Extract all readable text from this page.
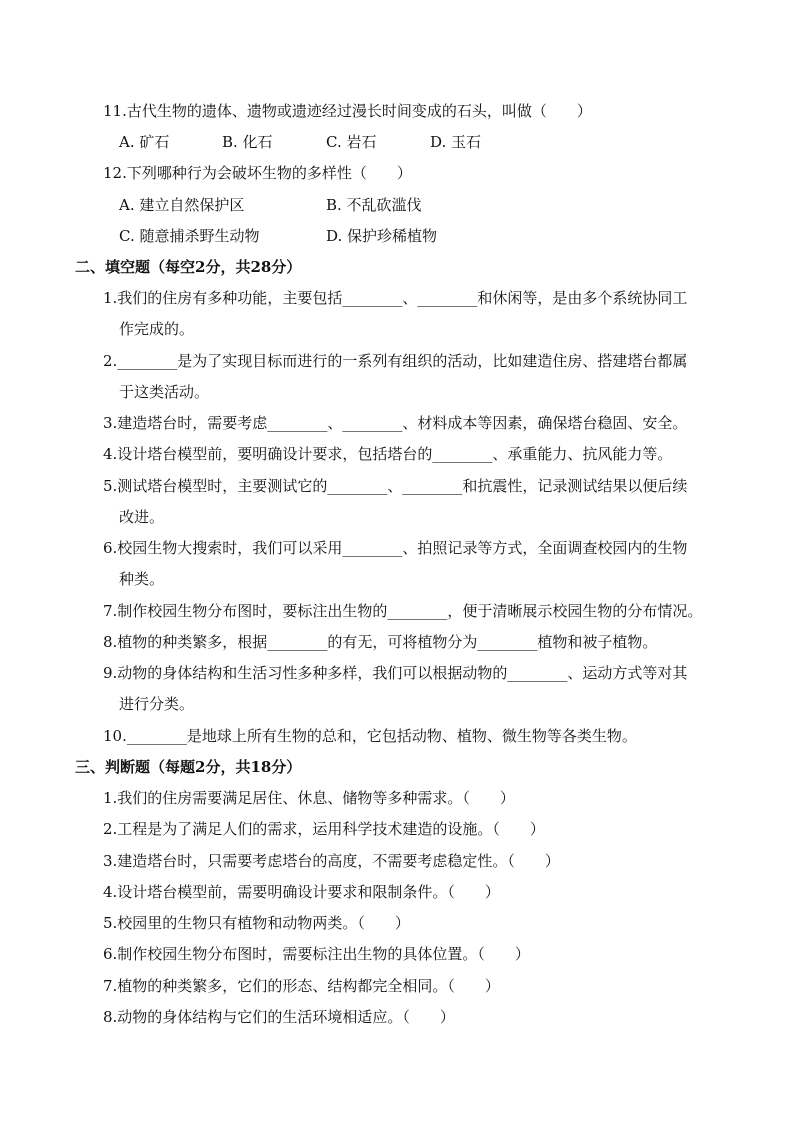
11.古代生物的遗体、遗物或遗迹经过漫长时间变成的石头，叫做（　　）
A. 矿石	B. 化石	C. 岩石	D. 玉石
12.下列哪种行为会破坏生物的多样性（　　）
A. 建立自然保护区	B. 不乱砍滥伐
C. 随意捕杀野生动物	D. 保护珍稀植物
二、填空题（每空2分，共28分）
1.我们的住房有多种功能，主要包括________、________和休闲等，是由多个系统协同工
作完成的。
2.________是为了实现目标而进行的一系列有组织的活动，比如建造住房、搭建塔台都属
于这类活动。
3.建造塔台时，需要考虑________、________、材料成本等因素，确保塔台稳固、安全。
4.设计塔台模型前，要明确设计要求，包括塔台的________、承重能力、抗风能力等。
5.测试塔台模型时，主要测试它的________、________和抗震性，记录测试结果以便后续
改进。
6.校园生物大搜索时，我们可以采用________、拍照记录等方式，全面调查校园内的生物
种类。
7.制作校园生物分布图时，要标注出生物的________，便于清晰展示校园生物的分布情况。
8.植物的种类繁多，根据________的有无，可将植物分为________植物和被子植物。
9.动物的身体结构和生活习性多种多样，我们可以根据动物的________、运动方式等对其
进行分类。
10.________是地球上所有生物的总和，它包括动物、植物、微生物等各类生物。
三、判断题（每题2分，共18分）
1.我们的住房需要满足居住、休息、储物等多种需求。（　　）
2.工程是为了满足人们的需求，运用科学技术建造的设施。（　　）
3.建造塔台时，只需要考虑塔台的高度，不需要考虑稳定性。（　　）
4.设计塔台模型前，需要明确设计要求和限制条件。（　　）
5.校园里的生物只有植物和动物两类。（　　）
6.制作校园生物分布图时，需要标注出生物的具体位置。（　　）
7.植物的种类繁多，它们的形态、结构都完全相同。（　　）
8.动物的身体结构与它们的生活环境相适应。（　　）
